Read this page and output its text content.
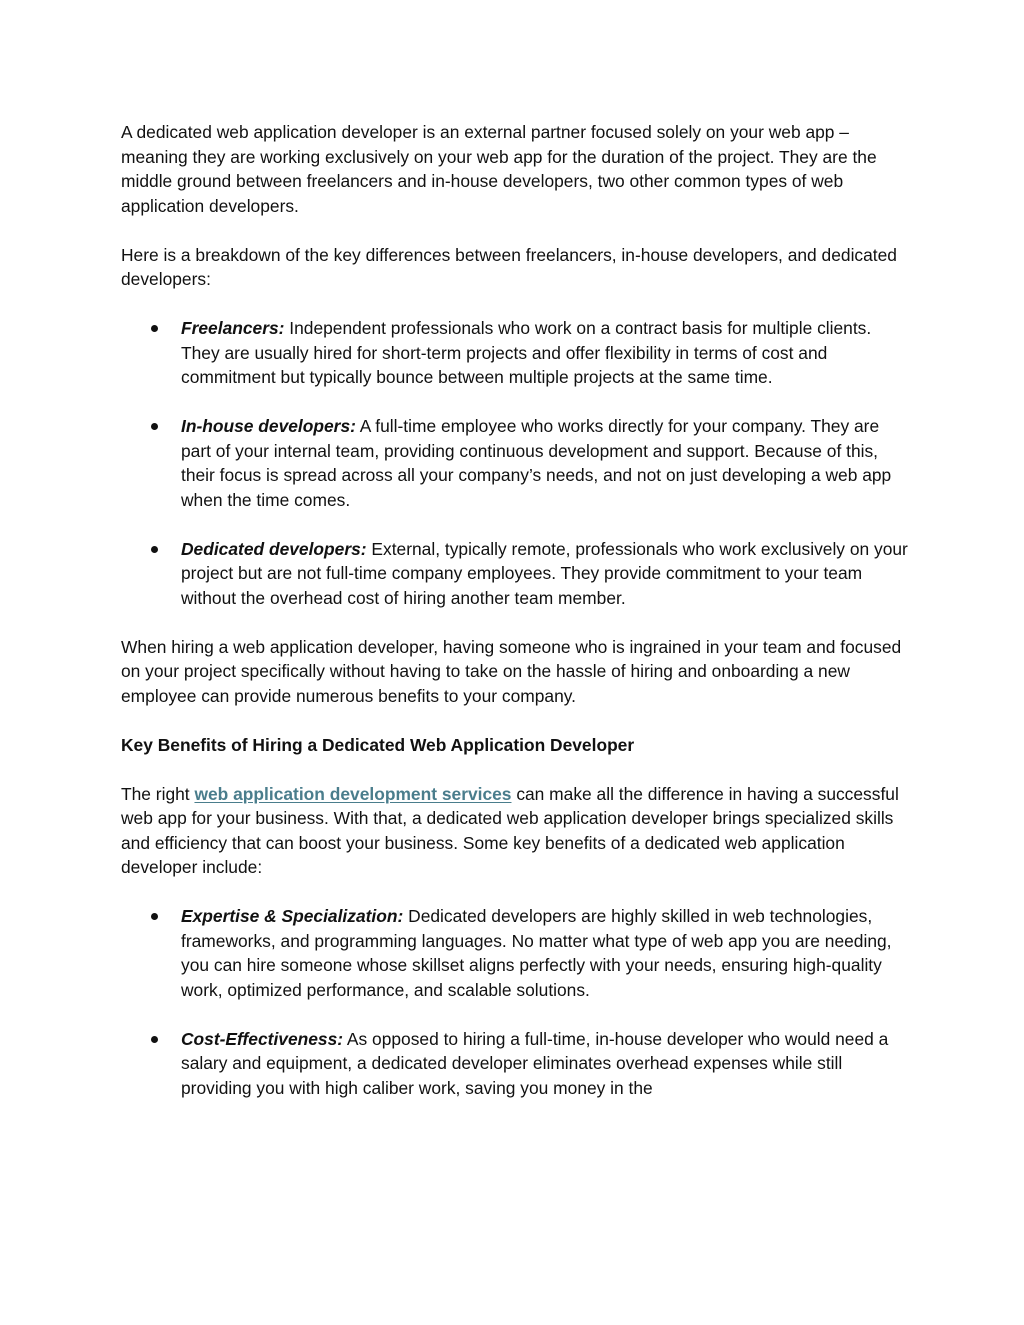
A dedicated web application developer is an external partner focused solely on your web app – meaning they are working exclusively on your web app for the duration of the project. They are the middle ground between freelancers and in-house developers, two other common types of web application developers.

Here is a breakdown of the key differences between freelancers, in-house developers, and dedicated developers:

Freelancers: Independent professionals who work on a contract basis for multiple clients. They are usually hired for short-term projects and offer flexibility in terms of cost and commitment but typically bounce between multiple projects at the same time.
In-house developers: A full-time employee who works directly for your company. They are part of your internal team, providing continuous development and support. Because of this, their focus is spread across all your company’s needs, and not on just developing a web app when the time comes.
Dedicated developers: External, typically remote, professionals who work exclusively on your project but are not full-time company employees. They provide commitment to your team without the overhead cost of hiring another team member.

When hiring a web application developer, having someone who is ingrained in your team and focused on your project specifically without having to take on the hassle of hiring and onboarding a new employee can provide numerous benefits to your company.

Key Benefits of Hiring a Dedicated Web Application Developer

The right web application development services can make all the difference in having a successful web app for your business. With that, a dedicated web application developer brings specialized skills and efficiency that can boost your business. Some key benefits of a dedicated web application developer include:

Expertise & Specialization: Dedicated developers are highly skilled in web technologies, frameworks, and programming languages. No matter what type of web app you are needing, you can hire someone whose skillset aligns perfectly with your needs, ensuring high-quality work, optimized performance, and scalable solutions.
Cost-Effectiveness: As opposed to hiring a full-time, in-house developer who would need a salary and equipment, a dedicated developer eliminates overhead expenses while still providing you with high caliber work, saving you money in the
